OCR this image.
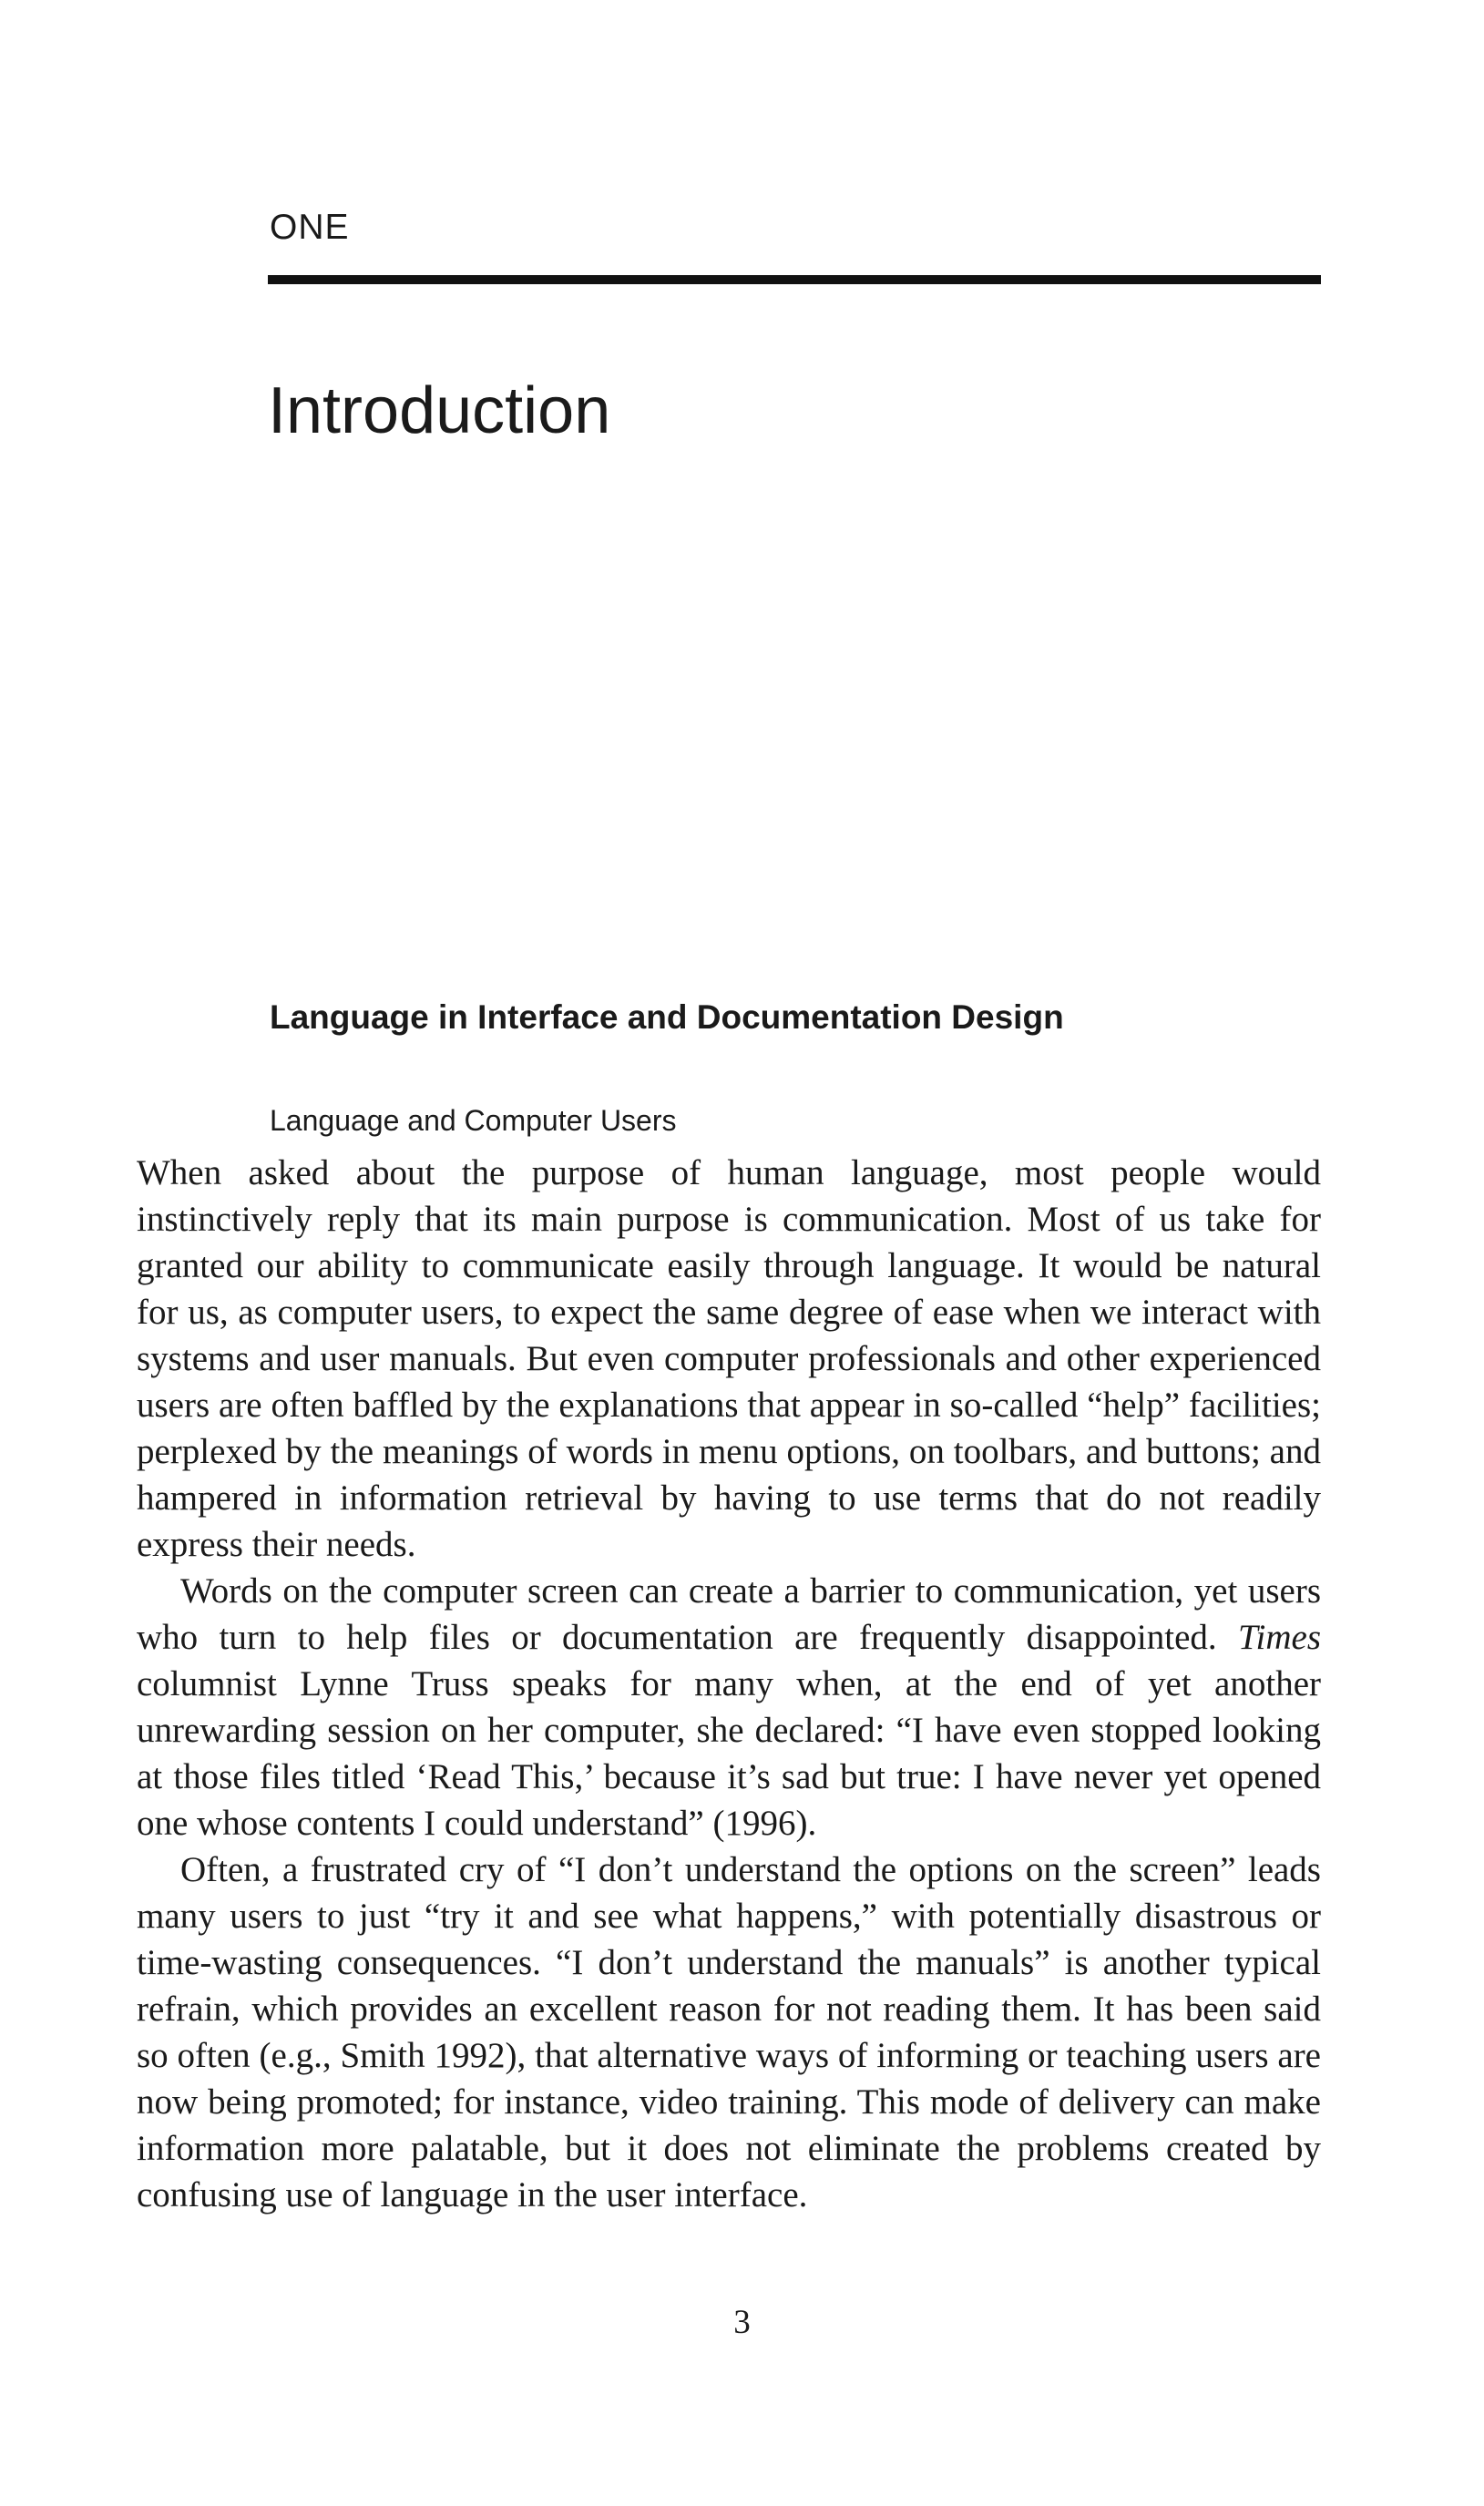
ONE
Introduction
Language in Interface and Documentation Design
Language and Computer Users

When asked about the purpose of human language, most people would instinctively reply that its main purpose is communication. Most of us take for granted our ability to communicate easily through language. It would be natural for us, as computer users, to expect the same degree of ease when we interact with systems and user manuals. But even computer professionals and other experienced users are often baffled by the explanations that appear in so-called “help” facilities; perplexed by the meanings of words in menu options, on toolbars, and buttons; and hampered in information retrieval by having to use terms that do not readily express their needs.

Words on the computer screen can create a barrier to communication, yet users who turn to help files or documentation are frequently disappointed. Times columnist Lynne Truss speaks for many when, at the end of yet another unrewarding session on her computer, she declared: “I have even stopped looking at those files titled ‘Read This,’ because it’s sad but true: I have never yet opened one whose contents I could understand” (1996).

Often, a frustrated cry of “I don’t understand the options on the screen” leads many users to just “try it and see what happens,” with potentially disastrous or time-wasting consequences. “I don’t understand the manuals” is another typical refrain, which provides an excellent reason for not reading them. It has been said so often (e.g., Smith 1992), that alternative ways of informing or teaching users are now being promoted; for instance, video training. This mode of delivery can make information more palatable, but it does not eliminate the problems created by confusing use of language in the user interface.

3
